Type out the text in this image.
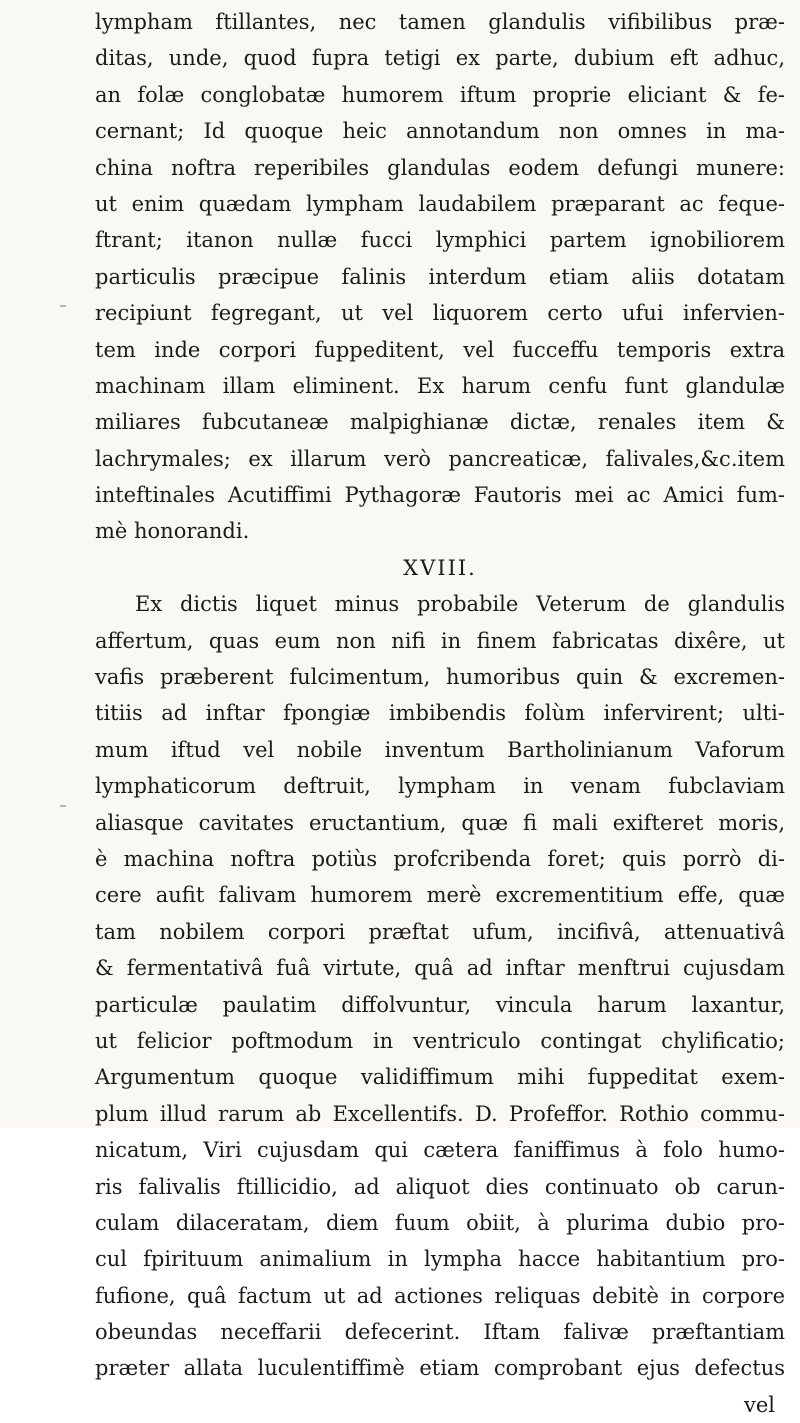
lympham ftillantes, nec tamen glandulis vifibilibus præ-
ditas, unde, quod fupra tetigi ex parte, dubium eft adhuc,
an folæ conglobatæ humorem iftum proprie eliciant & fe-
cernant; Id quoque heic annotandum non omnes in ma-
china noftra reperibiles glandulas eodem defungi munere:
ut enim quædam lympham laudabilem præparant ac feque-
ftrant; itanon nullæ fucci lymphici partem ignobiliorem
particulis præcipue falinis interdum etiam aliis dotatam
recipiunt fegregant, ut vel liquorem certo ufui infervien-
tem inde corpori fuppeditent, vel fucceffu temporis extra
machinam illam eliminent. Ex harum cenfu funt glandulæ
miliares fubcutaneæ malpighianæ dictæ, renales item &
lachrymales; ex illarum verò pancreaticæ, falivales,&c.item
inteftinales Acutiffimi Pythagoræ Fautoris mei ac Amici fum-
mè honorandi.
XVIII.
Ex dictis liquet minus probabile Veterum de glandulis
affertum, quas eum non nifi in finem fabricatas dixêre, ut
vafis præberent fulcimentum, humoribus quin & excremen-
titiis ad inftar fpongiæ imbibendis folùm infervirent; ulti-
mum iftud vel nobile inventum Bartholinianum Vaforum
lymphaticorum deftruit, lympham in venam fubclaviam
aliasque cavitates eructantium, quæ fi mali exifteret moris,
è machina noftra potiùs profcribenda foret; quis porrò di-
cere aufit falivam humorem merè excrementitium effe, quæ
tam nobilem corpori præftat ufum, incifivâ, attenuativâ
& fermentativâ fuâ virtute, quâ ad inftar menftrui cujusdam
particulæ paulatim diffolvuntur, vincula harum laxantur,
ut felicior poftmodum in ventriculo contingat chylificatio;
Argumentum quoque validiffimum mihi fuppeditat exem-
plum illud rarum ab Excellentifs. D. Profeffor. Rothio commu-
nicatum, Viri cujusdam qui cætera faniffimus à folo humo-
ris falivalis ftillicidio, ad aliquot dies continuato ob carun-
culam dilaceratam, diem fuum obiit, à plurima dubio pro-
cul fpirituum animalium in lympha hacce habitantium pro-
fufione, quâ factum ut ad actiones reliquas debitè in corpore
obeundas neceffarii defecerint. Iftam falivæ præftantiam
præter allata luculentiffimè etiam comprobant ejus defectus
vel
